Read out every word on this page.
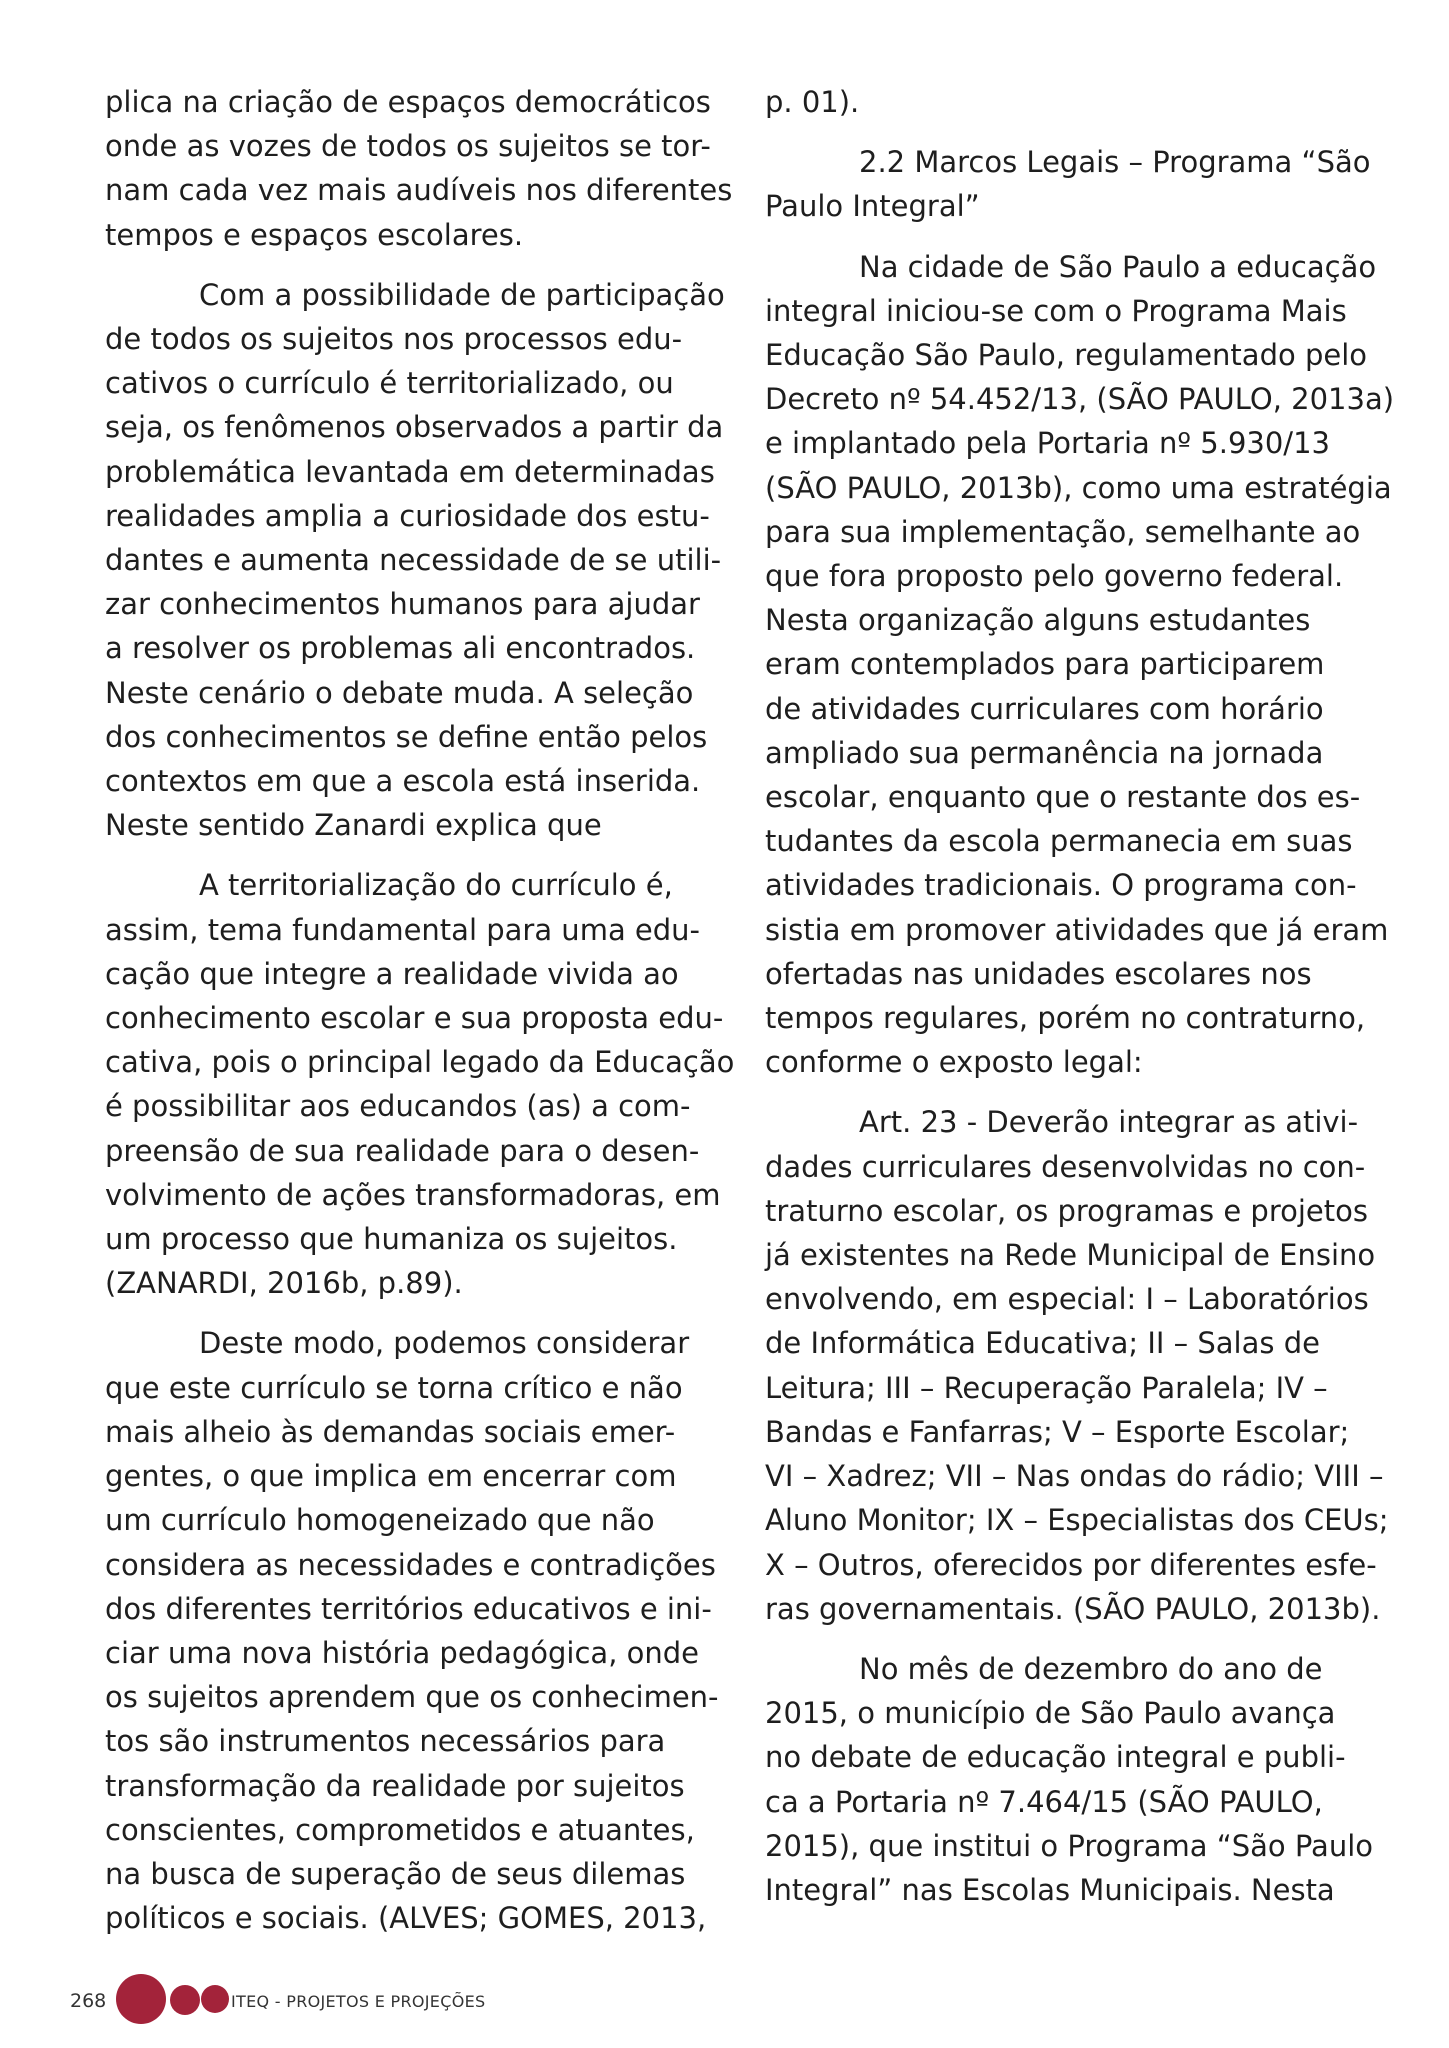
plica na criação de espaços democráticos
onde as vozes de todos os sujeitos se tor-
nam cada vez mais audíveis nos diferentes
tempos e espaços escolares.
Com a possibilidade de participação
de todos os sujeitos nos processos edu-
cativos o currículo é territorializado, ou
seja, os fenômenos observados a partir da
problemática levantada em determinadas
realidades amplia a curiosidade dos estu-
dantes e aumenta necessidade de se utili-
zar conhecimentos humanos para ajudar
a resolver os problemas ali encontrados.
Neste cenário o debate muda. A seleção
dos conhecimentos se define então pelos
contextos em que a escola está inserida.
Neste sentido Zanardi explica que
A territorialização do currículo é,
assim, tema fundamental para uma edu-
cação que integre a realidade vivida ao
conhecimento escolar e sua proposta edu-
cativa, pois o principal legado da Educação
é possibilitar aos educandos (as) a com-
preensão de sua realidade para o desen-
volvimento de ações transformadoras, em
um processo que humaniza os sujeitos.
(ZANARDI, 2016b, p.89).
Deste modo, podemos considerar
que este currículo se torna crítico e não
mais alheio às demandas sociais emer-
gentes, o que implica em encerrar com
um currículo homogeneizado que não
considera as necessidades e contradições
dos diferentes territórios educativos e ini-
ciar uma nova história pedagógica, onde
os sujeitos aprendem que os conhecimen-
tos são instrumentos necessários para
transformação da realidade por sujeitos
conscientes, comprometidos e atuantes,
na busca de superação de seus dilemas
políticos e sociais. (ALVES; GOMES, 2013,
p. 01).
2.2 Marcos Legais – Programa “São
Paulo Integral”
Na cidade de São Paulo a educação
integral iniciou-se com o Programa Mais
Educação São Paulo, regulamentado pelo
Decreto nº 54.452/13, (SÃO PAULO, 2013a)
e implantado pela Portaria nº 5.930/13
(SÃO PAULO, 2013b), como uma estratégia
para sua implementação, semelhante ao
que fora proposto pelo governo federal.
Nesta organização alguns estudantes
eram contemplados para participarem
de atividades curriculares com horário
ampliado sua permanência na jornada
escolar, enquanto que o restante dos es-
tudantes da escola permanecia em suas
atividades tradicionais. O programa con-
sistia em promover atividades que já eram
ofertadas nas unidades escolares nos
tempos regulares, porém no contraturno,
conforme o exposto legal:
Art. 23 - Deverão integrar as ativi-
dades curriculares desenvolvidas no con-
traturno escolar, os programas e projetos
já existentes na Rede Municipal de Ensino
envolvendo, em especial: I – Laboratórios
de Informática Educativa; II – Salas de
Leitura; III – Recuperação Paralela; IV –
Bandas e Fanfarras; V – Esporte Escolar;
VI – Xadrez; VII – Nas ondas do rádio; VIII –
Aluno Monitor; IX – Especialistas dos CEUs;
X – Outros, oferecidos por diferentes esfe-
ras governamentais. (SÃO PAULO, 2013b).
No mês de dezembro do ano de
2015, o município de São Paulo avança
no debate de educação integral e publi-
ca a Portaria nº 7.464/15 (SÃO PAULO,
2015), que institui o Programa “São Paulo
Integral” nas Escolas Municipais. Nesta
268	ITEQ - PROJETOS E PROJEÇÕES
